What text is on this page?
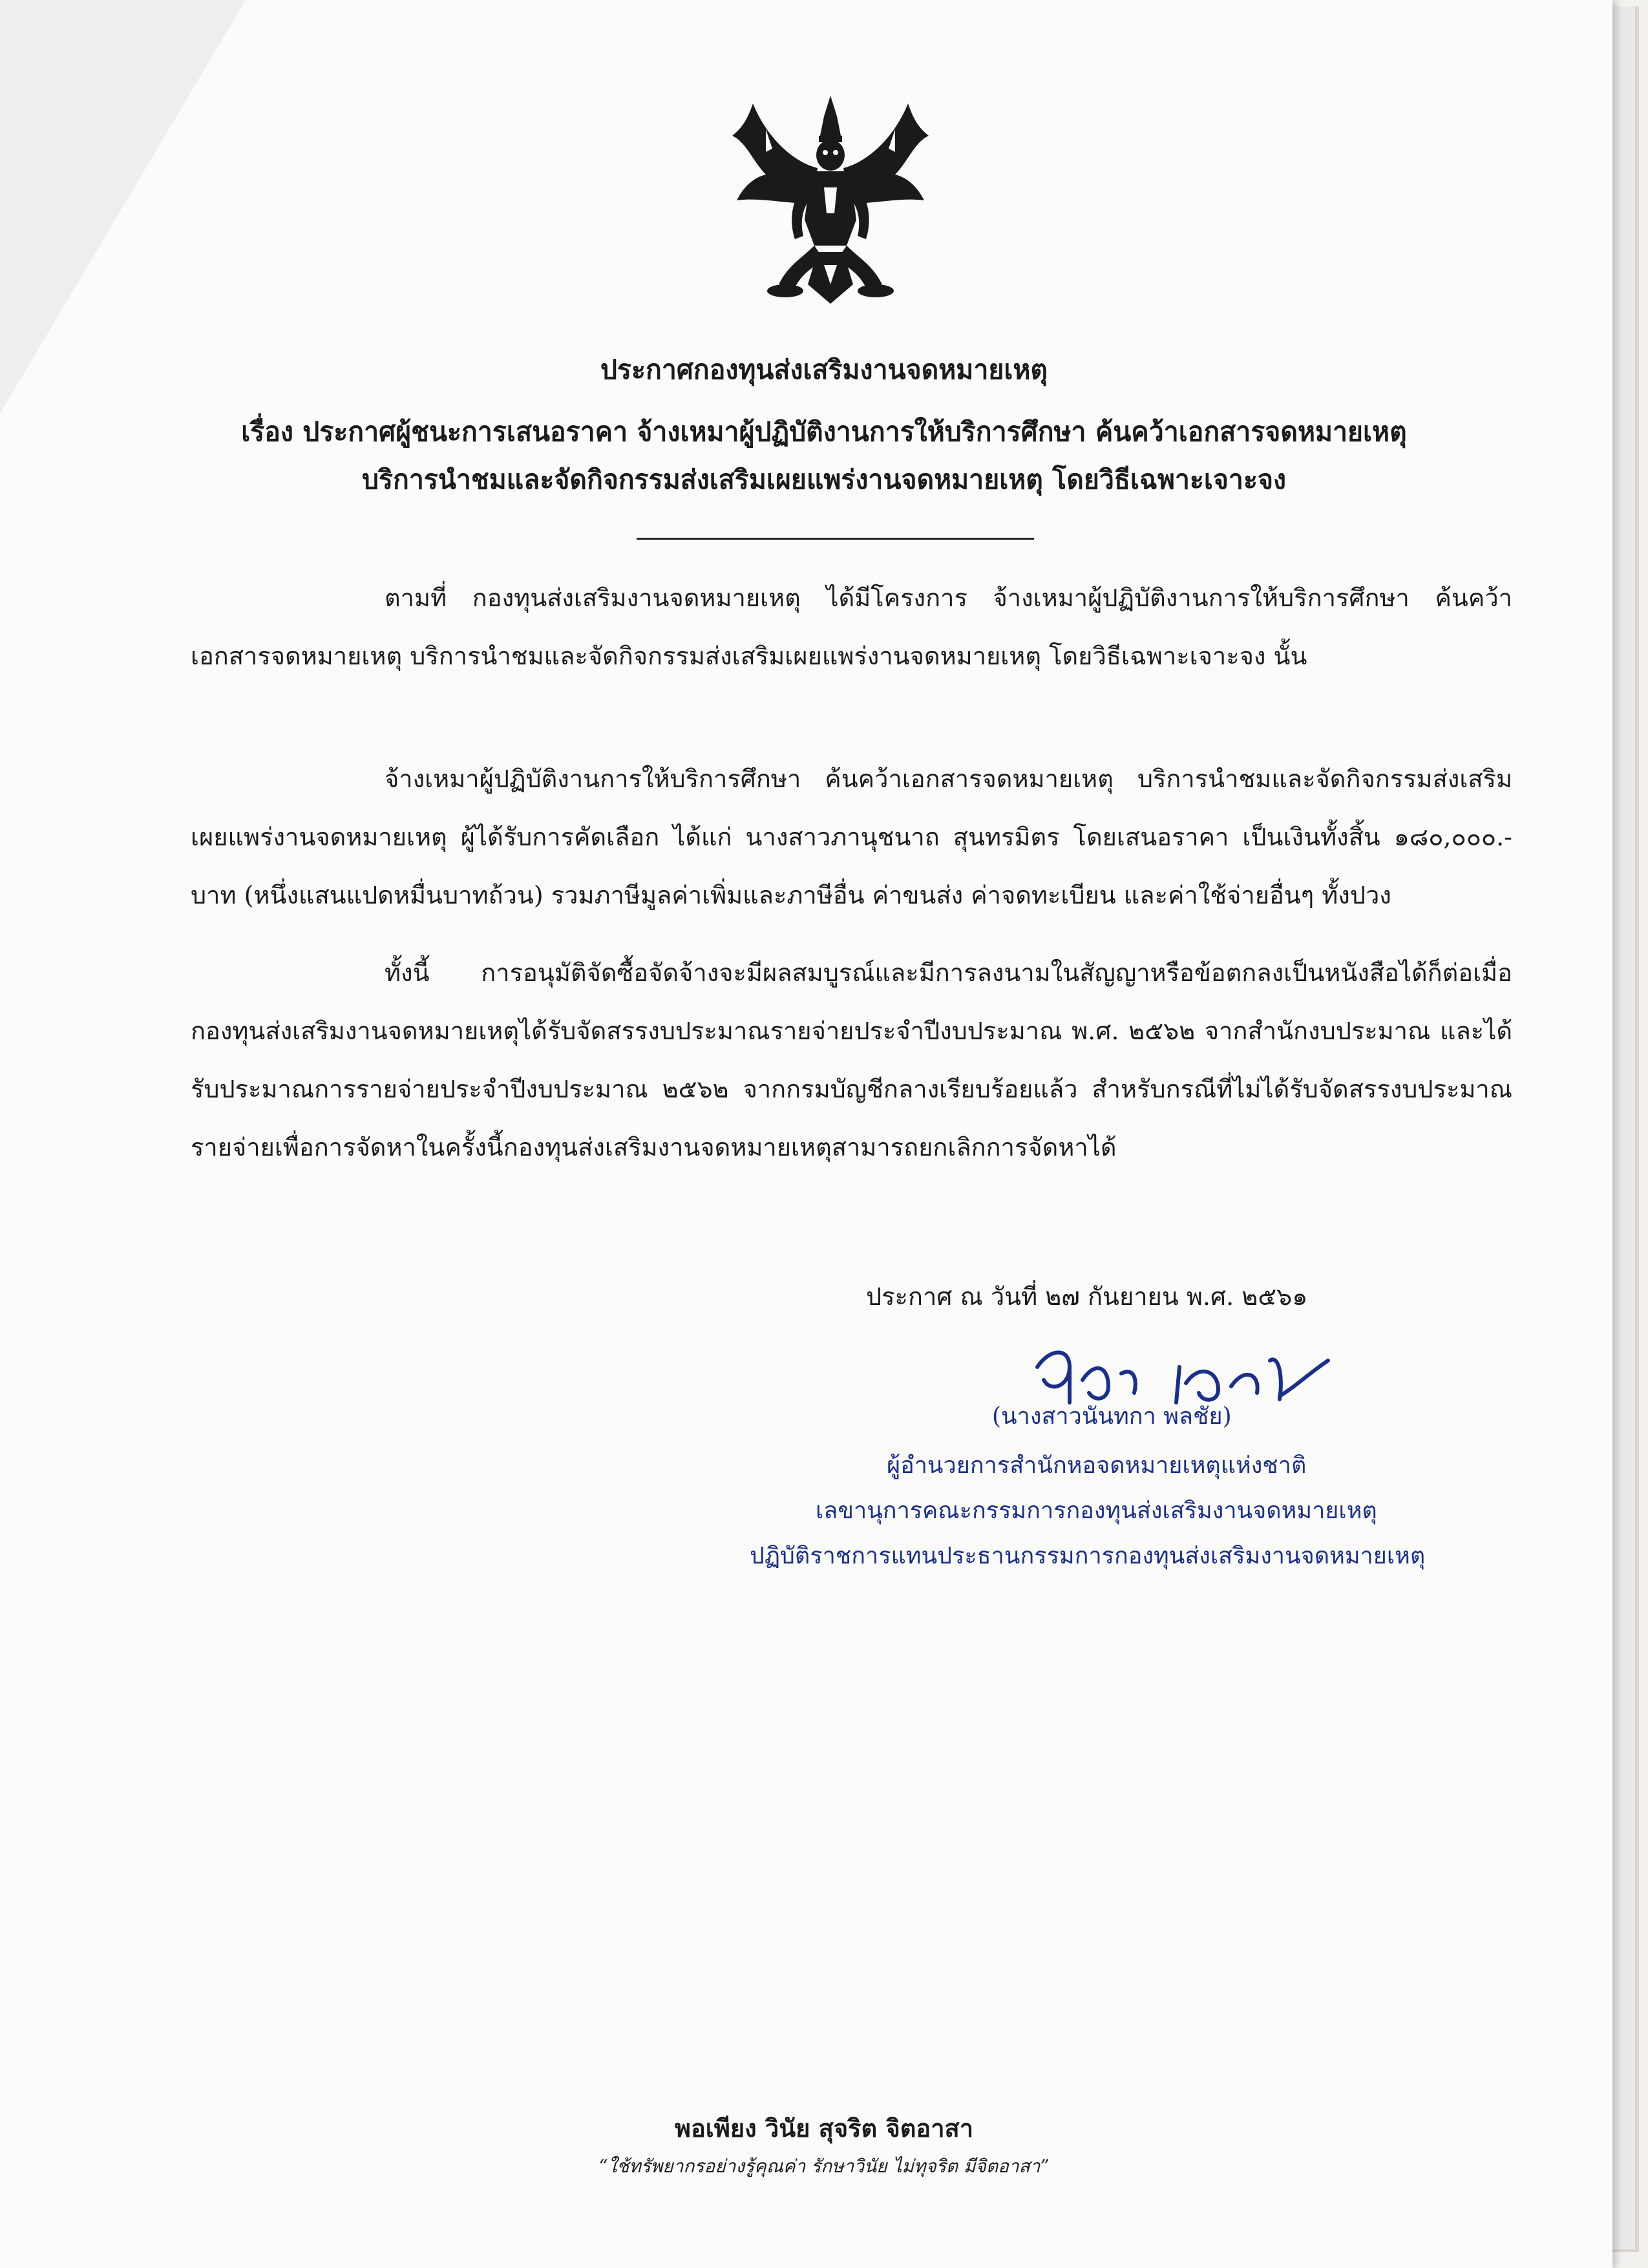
ประกาศกองทุนส่งเสริมงานจดหมายเหตุ
เรื่อง ประกาศผู้ชนะการเสนอราคา จ้างเหมาผู้ปฏิบัติงานการให้บริการศึกษา ค้นคว้าเอกสารจดหมายเหตุ
บริการนำชมและจัดกิจกรรมส่งเสริมเผยแพร่งานจดหมายเหตุ โดยวิธีเฉพาะเจาะจง
ตามที่ กองทุนส่งเสริมงานจดหมายเหตุ ได้มีโครงการ จ้างเหมาผู้ปฏิบัติงานการให้บริการศึกษา ค้นคว้าเอกสารจดหมายเหตุ บริการนำชมและจัดกิจกรรมส่งเสริมเผยแพร่งานจดหมายเหตุ โดยวิธีเฉพาะเจาะจง นั้น
จ้างเหมาผู้ปฏิบัติงานการให้บริการศึกษา ค้นคว้าเอกสารจดหมายเหตุ บริการนำชมและจัดกิจกรรมส่งเสริมเผยแพร่งานจดหมายเหตุ ผู้ได้รับการคัดเลือก ได้แก่ นางสาวภานุชนาถ สุนทรมิตร โดยเสนอราคา เป็นเงินทั้งสิ้น ๑๘๐,๐๐๐.- บาท (หนึ่งแสนแปดหมื่นบาทถ้วน) รวมภาษีมูลค่าเพิ่มและภาษีอื่น ค่าขนส่ง ค่าจดทะเบียน และค่าใช้จ่ายอื่นๆ ทั้งปวง
ทั้งนี้ การอนุมัติจัดซื้อจัดจ้างจะมีผลสมบูรณ์และมีการลงนามในสัญญาหรือข้อตกลงเป็นหนังสือได้ก็ต่อเมื่อกองทุนส่งเสริมงานจดหมายเหตุได้รับจัดสรรงบประมาณรายจ่ายประจำปีงบประมาณ พ.ศ. ๒๕๖๒ จากสำนักงบประมาณ และได้รับประมาณการรายจ่ายประจำปีงบประมาณ ๒๕๖๒ จากกรมบัญชีกลางเรียบร้อยแล้ว สำหรับกรณีที่ไม่ได้รับจัดสรรงบประมาณรายจ่ายเพื่อการจัดหาในครั้งนี้กองทุนส่งเสริมงานจดหมายเหตุสามารถยกเลิกการจัดหาได้
ประกาศ ณ วันที่ ๒๗ กันยายน พ.ศ. ๒๕๖๑
(นางสาวนันทกา พลชัย)
ผู้อำนวยการสำนักหอจดหมายเหตุแห่งชาติ
เลขานุการคณะกรรมการกองทุนส่งเสริมงานจดหมายเหตุ
ปฏิบัติราชการแทนประธานกรรมการกองทุนส่งเสริมงานจดหมายเหตุ
พอเพียง วินัย สุจริต จิตอาสา
“ใช้ทรัพยากรอย่างรู้คุณค่า รักษาวินัย ไม่ทุจริต มีจิตอาสา”
